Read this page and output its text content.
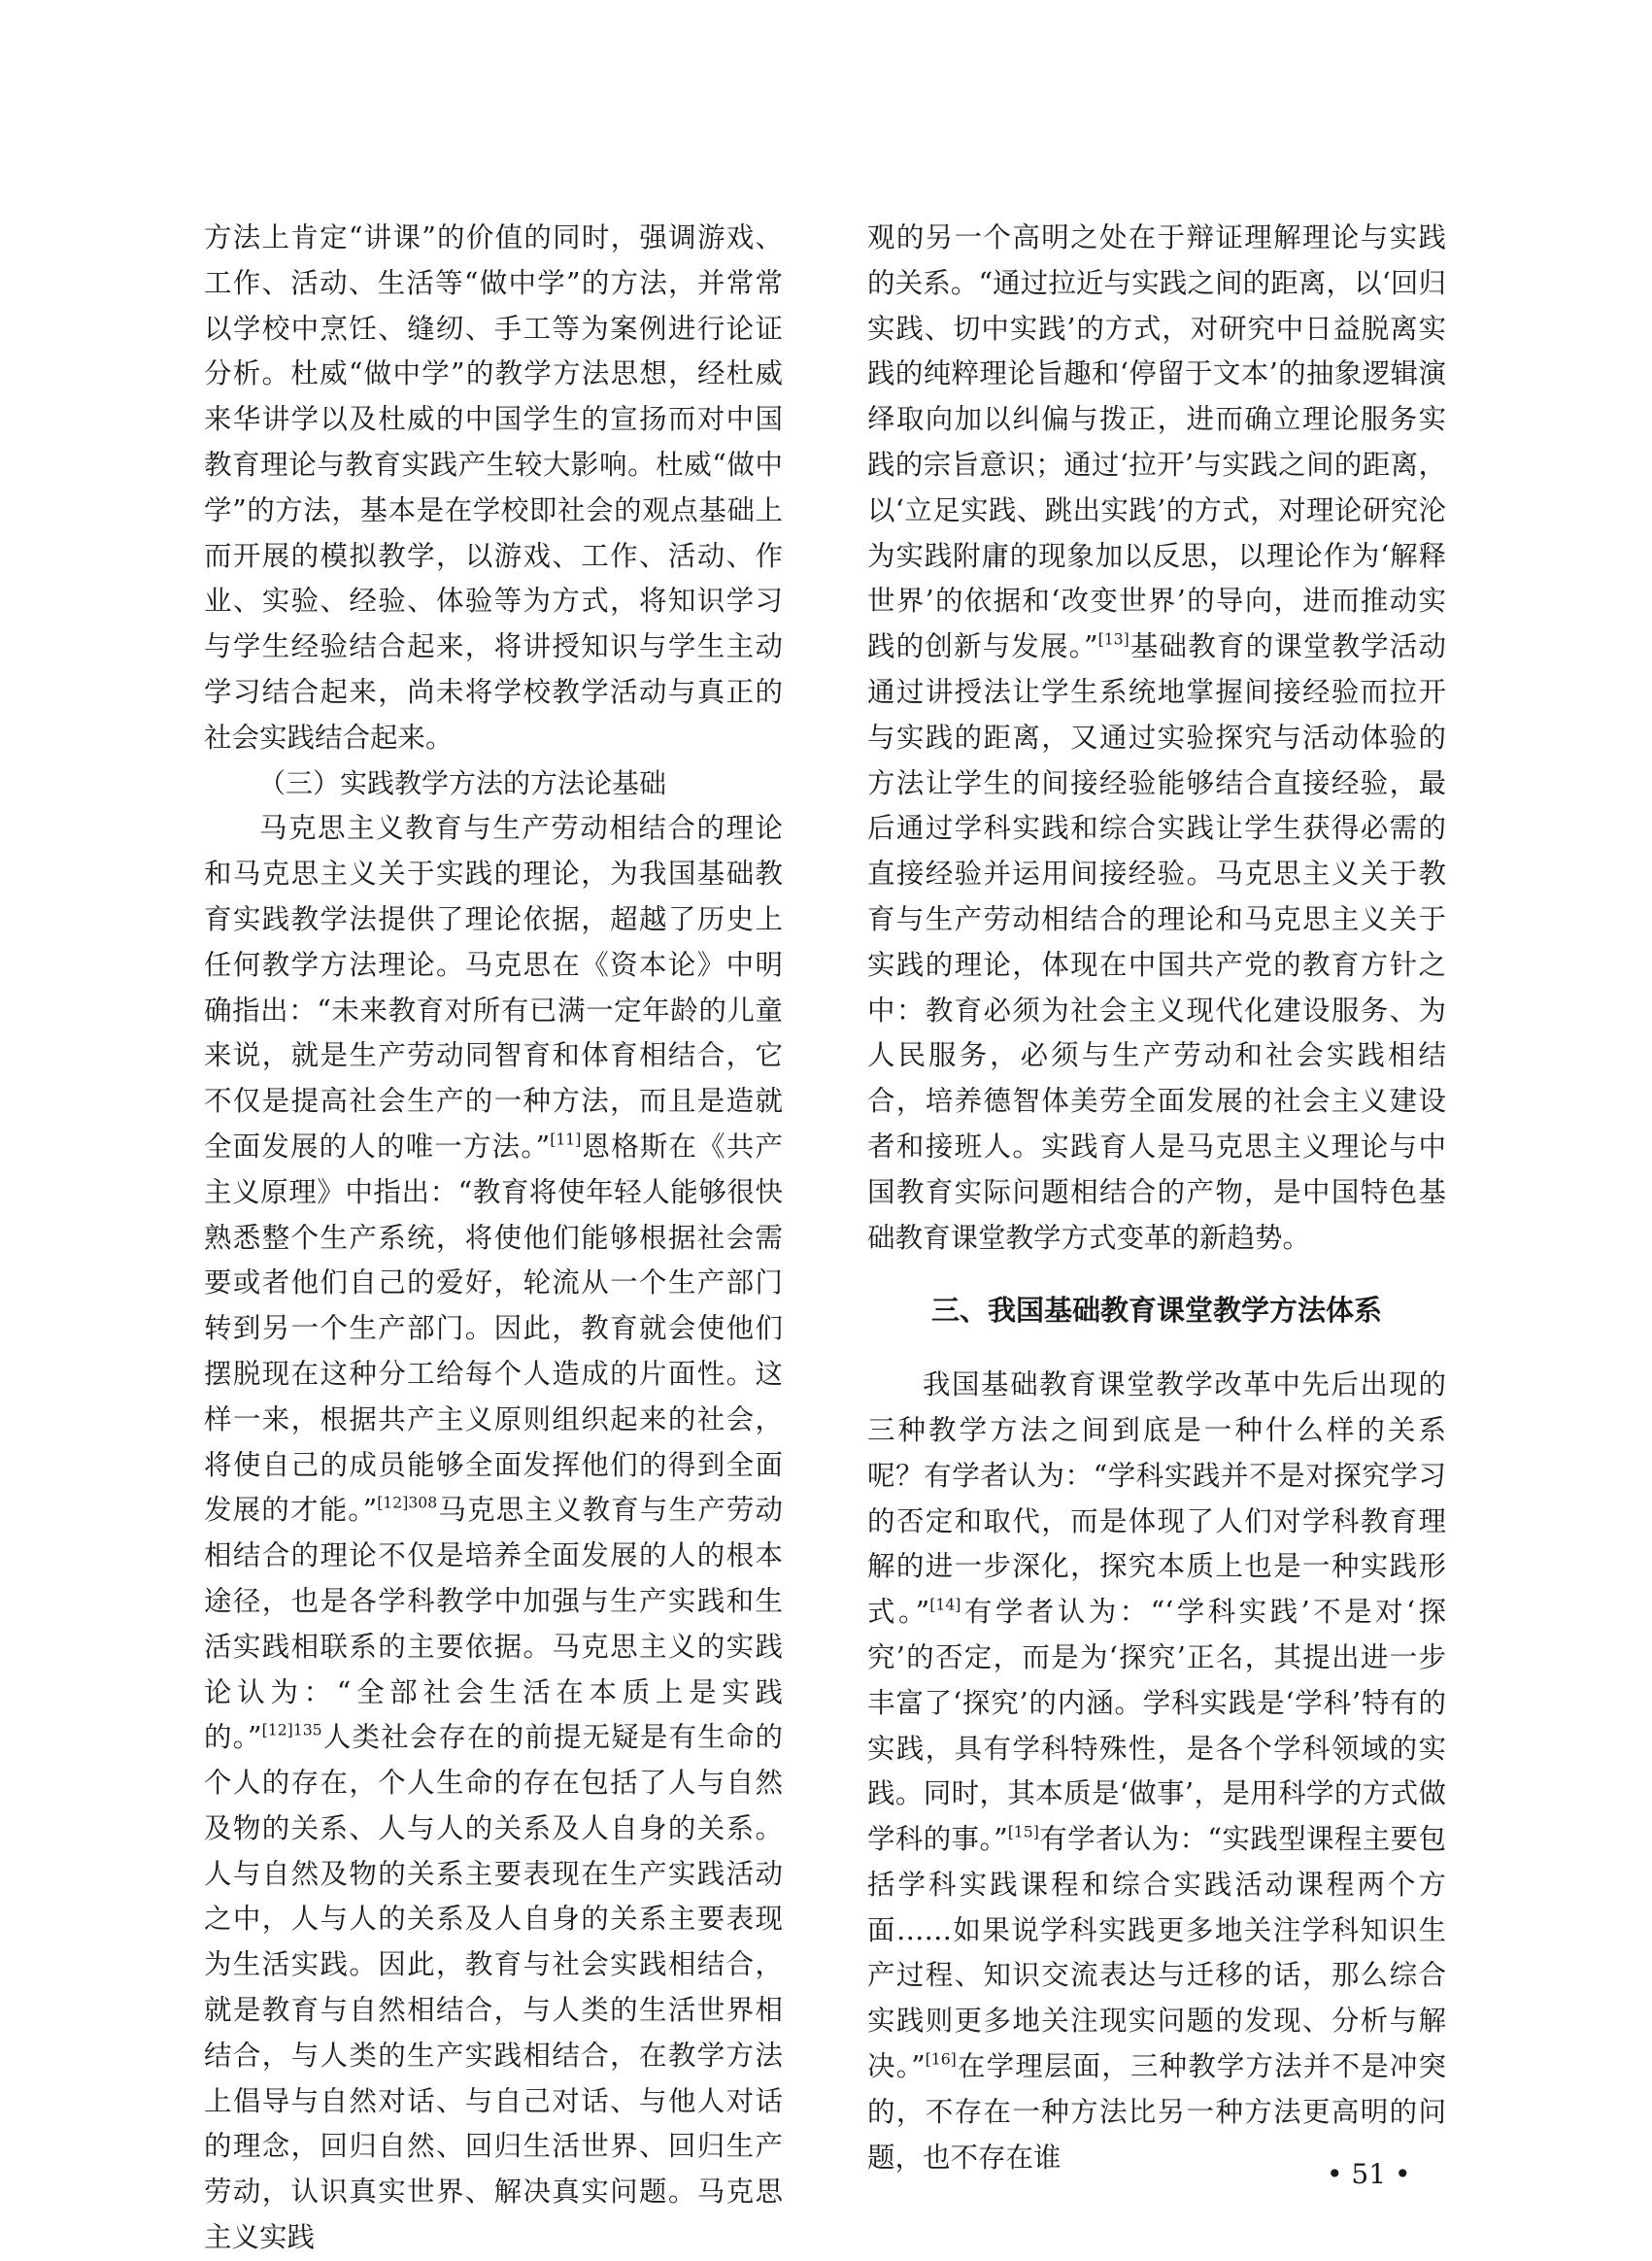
方法上肯定“讲课”的价值的同时，强调游戏、工作、活动、生活等“做中学”的方法，并常常以学校中烹饪、缝纫、手工等为案例进行论证分析。杜威“做中学”的教学方法思想，经杜威来华讲学以及杜威的中国学生的宣扬而对中国教育理论与教育实践产生较大影响。杜威“做中学”的方法，基本是在学校即社会的观点基础上而开展的模拟教学，以游戏、工作、活动、作业、实验、经验、体验等为方式，将知识学习与学生经验结合起来，将讲授知识与学生主动学习结合起来，尚未将学校教学活动与真正的社会实践结合起来。

（三）实践教学方法的方法论基础

马克思主义教育与生产劳动相结合的理论和马克思主义关于实践的理论，为我国基础教育实践教学法提供了理论依据，超越了历史上任何教学方法理论。马克思在《资本论》中明确指出：“未来教育对所有已满一定年龄的儿童来说，就是生产劳动同智育和体育相结合，它不仅是提高社会生产的一种方法，而且是造就全面发展的人的唯一方法。”[11]恩格斯在《共产主义原理》中指出：“教育将使年轻人能够很快熟悉整个生产系统，将使他们能够根据社会需要或者他们自己的爱好，轮流从一个生产部门转到另一个生产部门。因此，教育就会使他们摆脱现在这种分工给每个人造成的片面性。这样一来，根据共产主义原则组织起来的社会，将使自己的成员能够全面发挥他们的得到全面发展的才能。”$^{[12]308}$马克思主义教育与生产劳动相结合的理论不仅是培养全面发展的人的根本途径，也是各学科教学中加强与生产实践和生活实践相联系的主要依据。马克思主义的实践论认为：“全部社会生活在本质上是实践的。”$^{[12]135}$人类社会存在的前提无疑是有生命的个人的存在，个人生命的存在包括了人与自然及物的关系、人与人的关系及人自身的关系。人与自然及物的关系主要表现在生产实践活动之中，人与人的关系及人自身的关系主要表现为生活实践。因此，教育与社会实践相结合，就是教育与自然相结合，与人类的生活世界相结合，与人类的生产实践相结合，在教学方法上倡导与自然对话、与自己对话、与他人对话的理念，回归自然、回归生活世界、回归生产劳动，认识真实世界、解决真实问题。马克思主义实践

观的另一个高明之处在于辩证理解理论与实践的关系。“通过拉近与实践之间的距离，以‘回归实践、切中实践’的方式，对研究中日益脱离实践的纯粹理论旨趣和‘停留于文本’的抽象逻辑演绎取向加以纠偏与拨正，进而确立理论服务实践的宗旨意识；通过‘拉开’与实践之间的距离，以‘立足实践、跳出实践’的方式，对理论研究沦为实践附庸的现象加以反思，以理论作为‘解释世界’的依据和‘改变世界’的导向，进而推动实践的创新与发展。”[13]基础教育的课堂教学活动通过讲授法让学生系统地掌握间接经验而拉开与实践的距离，又通过实验探究与活动体验的方法让学生的间接经验能够结合直接经验，最后通过学科实践和综合实践让学生获得必需的直接经验并运用间接经验。马克思主义关于教育与生产劳动相结合的理论和马克思主义关于实践的理论，体现在中国共产党的教育方针之中：教育必须为社会主义现代化建设服务、为人民服务，必须与生产劳动和社会实践相结合，培养德智体美劳全面发展的社会主义建设者和接班人。实践育人是马克思主义理论与中国教育实际问题相结合的产物，是中国特色基础教育课堂教学方式变革的新趋势。

三、我国基础教育课堂教学方法体系

我国基础教育课堂教学改革中先后出现的三种教学方法之间到底是一种什么样的关系呢？有学者认为：“学科实践并不是对探究学习的否定和取代，而是体现了人们对学科教育理解的进一步深化，探究本质上也是一种实践形式。”[14]有学者认为：“‘学科实践’不是对‘探究’的否定，而是为‘探究’正名，其提出进一步丰富了‘探究’的内涵。学科实践是‘学科’特有的实践，具有学科特殊性，是各个学科领域的实践。同时，其本质是‘做事’，是用科学的方式做学科的事。”[15]有学者认为：“实践型课程主要包括学科实践课程和综合实践活动课程两个方面……如果说学科实践更多地关注学科知识生产过程、知识交流表达与迁移的话，那么综合实践则更多地关注现实问题的发现、分析与解决。”[16]在学理层面，三种教学方法并不是冲突的，不存在一种方法比另一种方法更高明的问题，也不存在谁

• 51 •
